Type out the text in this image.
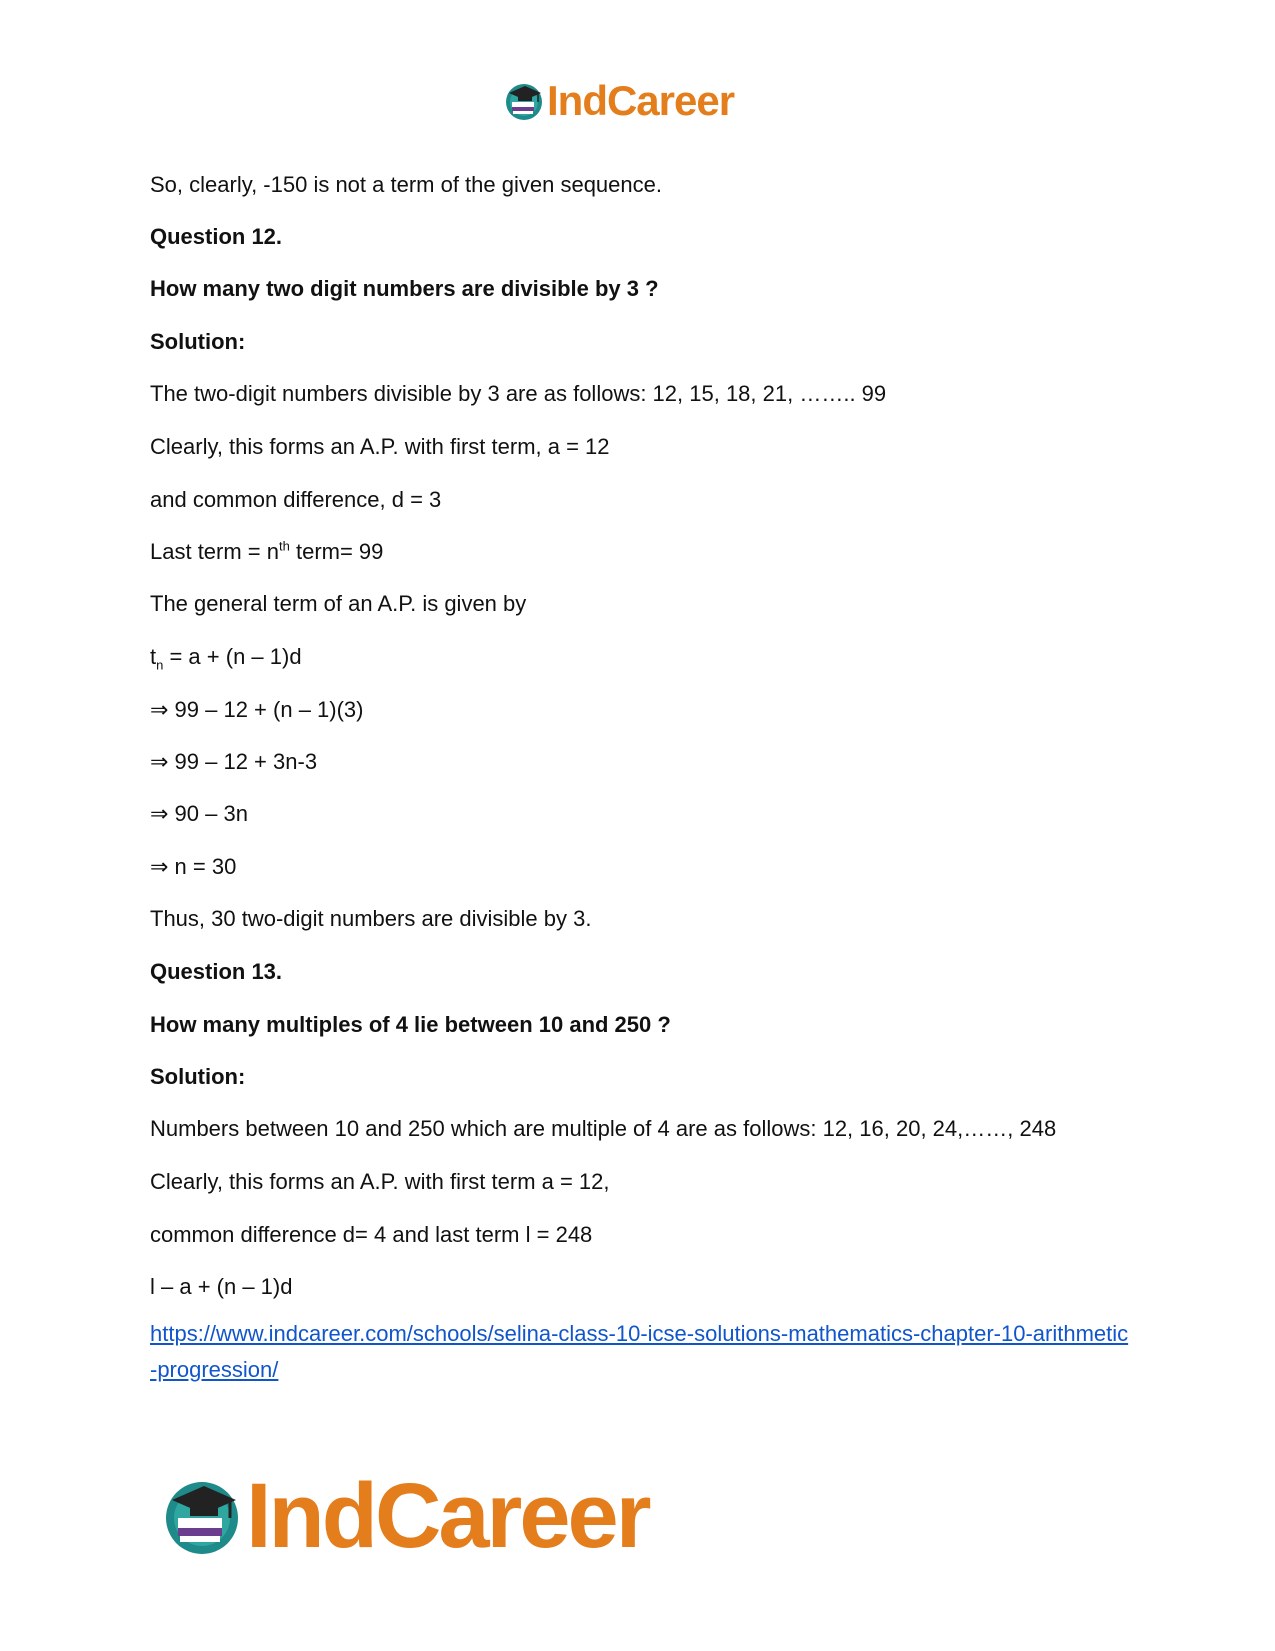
IndCareer
So, clearly, -150 is not a term of the given sequence.
Question 12.
How many two digit numbers are divisible by 3 ?
Solution:
The two-digit numbers divisible by 3 are as follows: 12, 15, 18, 21, …….. 99
Clearly, this forms an A.P. with first term, a = 12
and common difference, d = 3
Last term = $n^{th}$ term= 99
The general term of an A.P. is given by
$t_n = a + (n - 1)d$
⇒ 99 – 12 + (n – 1)(3)
⇒ 99 – 12 + 3n-3
⇒ 90 – 3n
⇒ n = 30
Thus, 30 two-digit numbers are divisible by 3.
Question 13.
How many multiples of 4 lie between 10 and 250 ?
Solution:
Numbers between 10 and 250 which are multiple of 4 are as follows: 12, 16, 20, 24,……, 248
Clearly, this forms an A.P. with first term a = 12,
common difference d= 4 and last term l = 248
l – a + (n – 1)d
https://www.indcareer.com/schools/selina-class-10-icse-solutions-mathematics-chapter-10-arithmetic-progression/
IndCareer
